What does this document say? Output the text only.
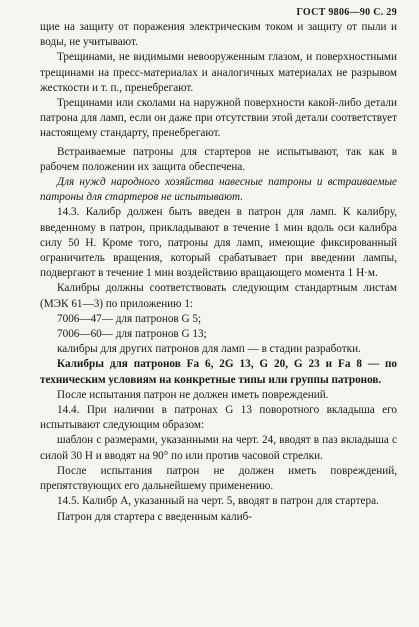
ГОСТ 9806—90 С. 29

щие на защиту от поражения электрическим током и защиту от пыли и воды, не учитывают.

Трещинами, не видимыми невооруженным глазом, и поверхностными трещинами на пресс-материалах и аналогичных материалах не разрывом жесткости и т. п., пренебрегают.

Трещинами или сколами на наружной поверхности какой-либо детали патрона для ламп, если он даже при отсутствии этой детали соответствует настоящему стандарту, пренебрегают.

Встраиваемые патроны для стартеров не испытывают, так как в рабочем положении их защита обеспечена.

Для нужд народного хозяйства навесные патроны и встраиваемые патроны для стартеров не испытывают.

14.3. Калибр должен быть введен в патрон для ламп. К калибру, введенному в патрон, прикладывают в течение 1 мин вдоль оси калибра силу 50 Н. Кроме того, патроны для ламп, имеющие фиксированный ограничитель вращения, который срабатывает при введении лампы, подвергают в течение 1 мин воздействию вращающего момента 1 Н·м.

Калибры должны соответствовать следующим стандартным листам (МЭК 61—3) по приложению 1:

7006—47— для патронов G 5;

7006—60— для патронов G 13;

калибры для других патронов для ламп — в стадии разработки.

Калибры для патронов Fa 6, 2G 13, G 20, G 23 и Fa 8 — по техническим условиям на конкретные типы или группы патронов.

После испытания патрон не должен иметь повреждений.

14.4. При наличии в патронах G 13 поворотного вкладыша его испытывают следующим образом:

шаблон с размерами, указанными на черт. 24, вводят в паз вкладыша с силой 30 Н и вводят на 90° по или против часовой стрелки.

После испытания патрон не должен иметь повреждений, препятствующих его дальнейшему применению.

14.5. Калибр А, указанный на черт. 5, вводят в патрон для стартера.

Патрон для стартера с введенным калиб-
